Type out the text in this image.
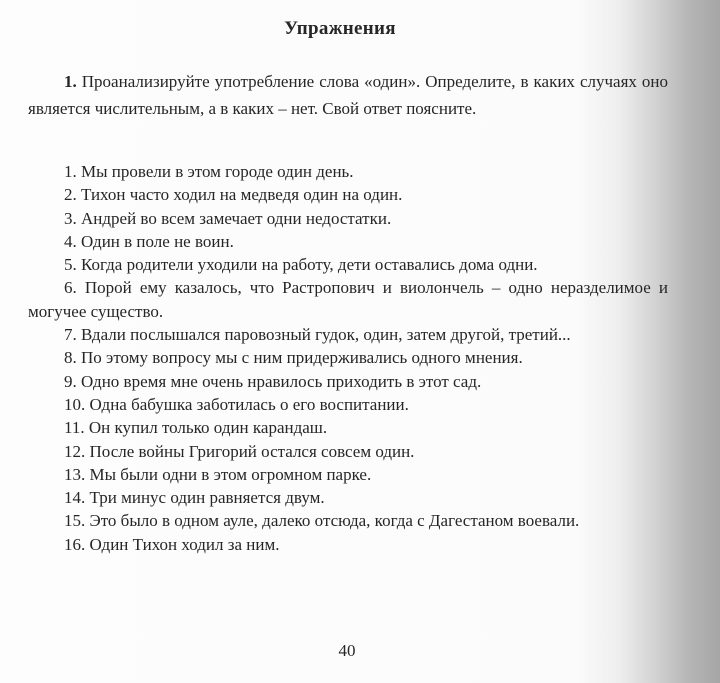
Упражнения
1. Проанализируйте употребление слова «один». Определите, в каких случаях оно является числительным, а в каких – нет. Свой ответ поясните.
1. Мы провели в этом городе один день.
2. Тихон часто ходил на медведя один на один.
3. Андрей во всем замечает одни недостатки.
4. Один в поле не воин.
5. Когда родители уходили на работу, дети оставались дома одни.
6. Порой ему казалось, что Растропович и виолончель – одно неразделимое и могучее существо.
7. Вдали послышался паровозный гудок, один, затем другой, третий...
8. По этому вопросу мы с ним придерживались одного мнения.
9. Одно время мне очень нравилось приходить в этот сад.
10. Одна бабушка заботилась о его воспитании.
11. Он купил только один карандаш.
12. После войны Григорий остался совсем один.
13. Мы были одни в этом огромном парке.
14. Три минус один равняется двум.
15. Это было в одном ауле, далеко отсюда, когда с Дагестаном воевали.
16. Один Тихон ходил за ним.
40
